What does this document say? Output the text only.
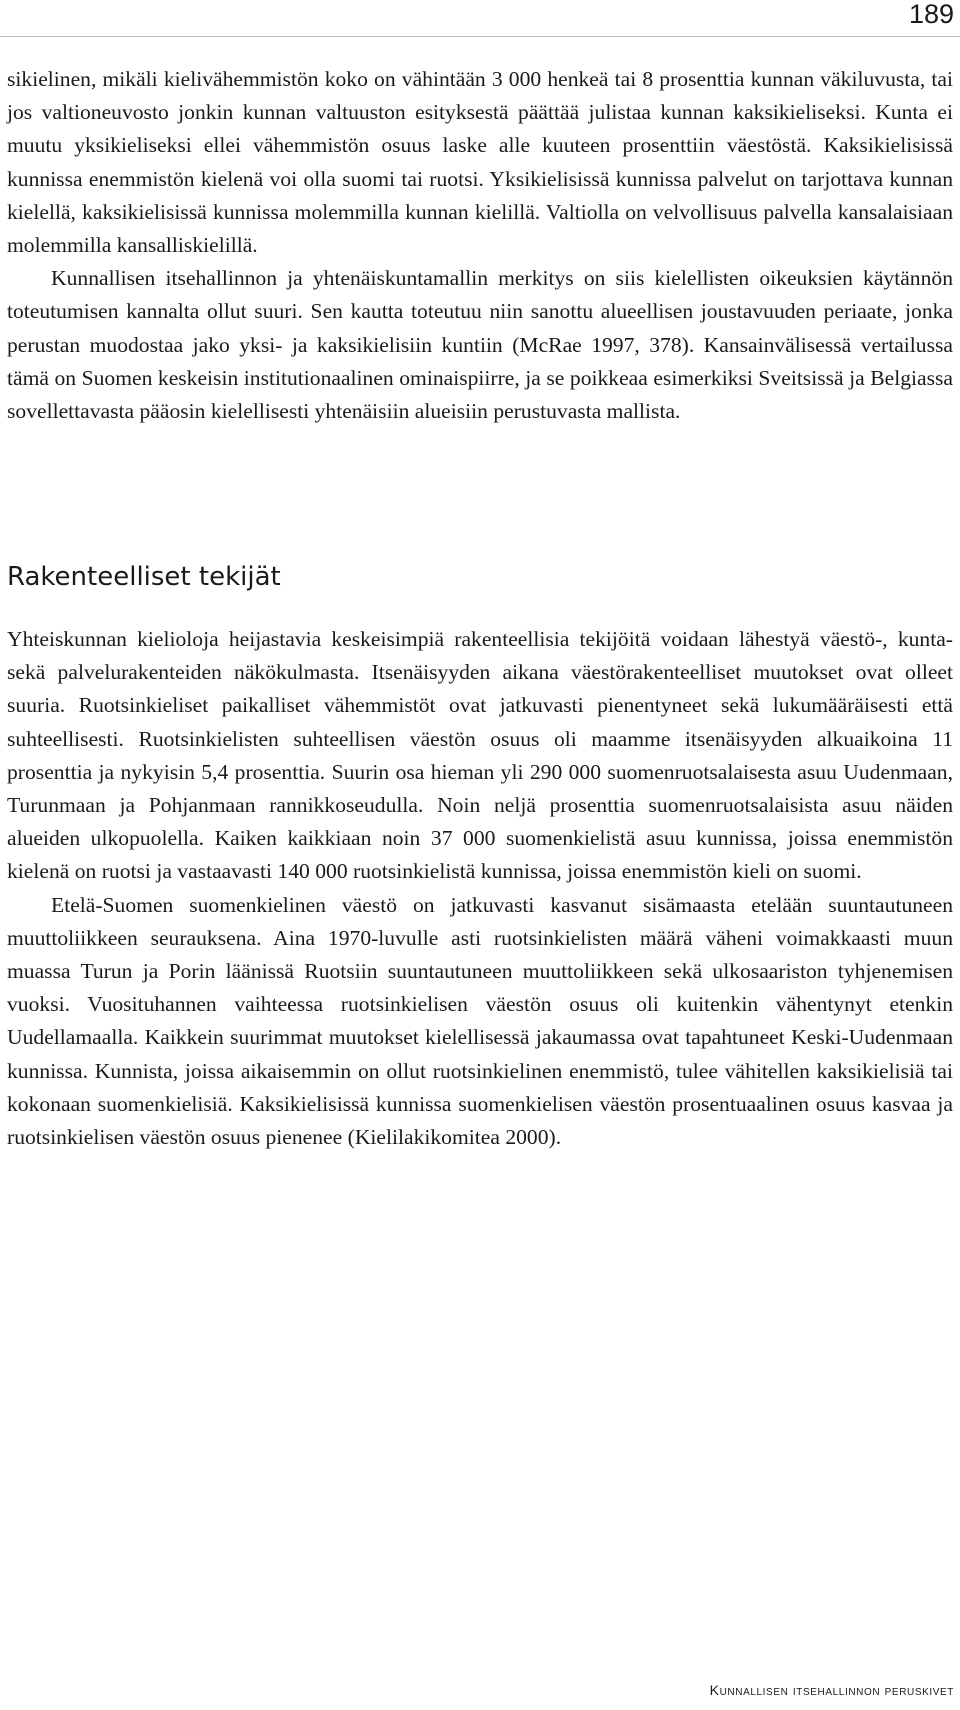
189

sikielinen, mikäli kielivähemmistön koko on vähintään 3 000 henkeä tai 8 prosenttia kunnan väkiluvusta, tai jos valtioneuvosto jonkin kunnan valtuuston esityksestä päättää julistaa kunnan kaksikieliseksi. Kunta ei muutu yksikieliseksi ellei vähemmistön osuus laske alle kuuteen prosenttiin väestöstä. Kaksikielisissä kunnissa enemmistön kielenä voi olla suomi tai ruotsi. Yksikielisissä kunnissa palvelut on tarjottava kunnan kielellä, kaksikielisissä kunnissa molemmilla kunnan kielillä. Valtiolla on velvollisuus palvella kansalaisiaan molemmilla kansalliskielillä.

Kunnallisen itsehallinnon ja yhtenäiskuntamallin merkitys on siis kielellisten oikeuksien käytännön toteutumisen kannalta ollut suuri. Sen kautta toteutuu niin sanottu alueellisen joustavuuden periaate, jonka perustan muodostaa jako yksi- ja kaksikielisiin kuntiin (McRae 1997, 378). Kansainvälisessä vertailussa tämä on Suomen keskeisin institutionaalinen ominaispiirre, ja se poikkeaa esimerkiksi Sveitsissä ja Belgiassa sovellettavasta pääosin kielellisesti yhtenäisiin alueisiin perustuvasta mallista.

Rakenteelliset tekijät

Yhteiskunnan kielioloja heijastavia keskeisimpiä rakenteellisia tekijöitä voidaan lähestyä väestö-, kunta- sekä palvelurakenteiden näkökulmasta. Itsenäisyyden aikana väestörakenteelliset muutokset ovat olleet suuria. Ruotsinkieliset paikalliset vähemmistöt ovat jatkuvasti pienentyneet sekä lukumääräisesti että suhteellisesti. Ruotsinkielisten suhteellisen väestön osuus oli maamme itsenäisyyden alkuaikoina 11 prosenttia ja nykyisin 5,4 prosenttia. Suurin osa hieman yli 290 000 suomenruotsalaisesta asuu Uudenmaan, Turunmaan ja Pohjanmaan rannikkoseudulla. Noin neljä prosenttia suomenruotsalaisista asuu näiden alueiden ulkopuolella. Kaiken kaikkiaan noin 37 000 suomenkielistä asuu kunnissa, joissa enemmistön kielenä on ruotsi ja vastaavasti 140 000 ruotsinkielistä kunnissa, joissa enemmistön kieli on suomi.

Etelä-Suomen suomenkielinen väestö on jatkuvasti kasvanut sisämaasta etelään suuntautuneen muuttoliikkeen seurauksena. Aina 1970-luvulle asti ruotsinkielisten määrä väheni voimakkaasti muun muassa Turun ja Porin läänissä Ruotsiin suuntautuneen muuttoliikkeen sekä ulkosaariston tyhjenemisen vuoksi. Vuosituhannen vaihteessa ruotsinkielisen väestön osuus oli kuitenkin vähentynyt etenkin Uudellamaalla. Kaikkein suurimmat muutokset kielellisessä jakaumassa ovat tapahtuneet Keski-Uudenmaan kunnissa. Kunnista, joissa aikaisemmin on ollut ruotsinkielinen enemmistö, tulee vähitellen kaksikielisiä tai kokonaan suomenkielisiä. Kaksikielisissä kunnissa suomenkielisen väestön prosentuaalinen osuus kasvaa ja ruotsinkielisen väestön osuus pienenee (Kielilakikomitea 2000).

Kunnallisen itsehallinnon peruskivet
